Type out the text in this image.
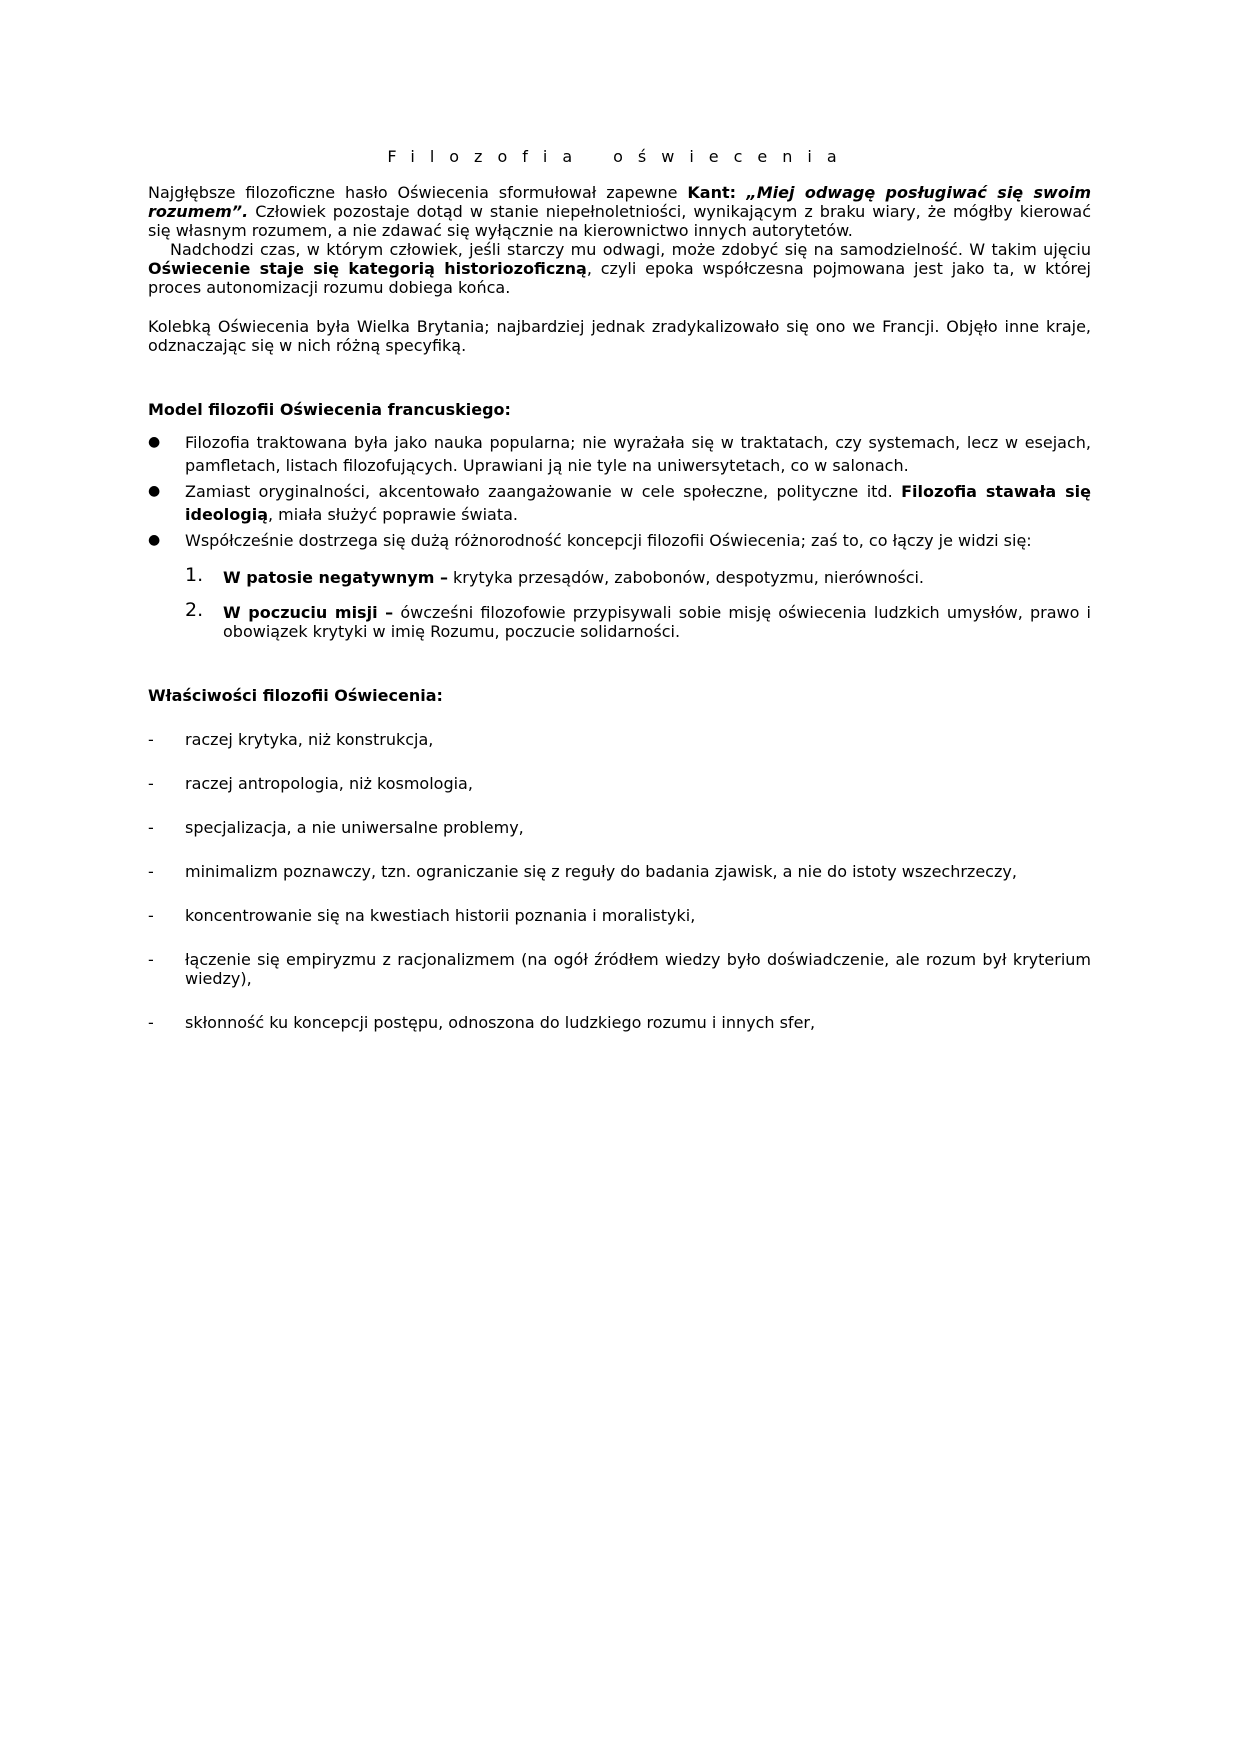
Filozofia oświecenia

Najgłębsze filozoficzne hasło Oświecenia sformułował zapewne Kant: „Miej odwagę posługiwać się swoim rozumem”. Człowiek pozostaje dotąd w stanie niepełnoletniości, wynikającym z braku wiary, że mógłby kierować się własnym rozumem, a nie zdawać się wyłącznie na kierownictwo innych autorytetów.

Nadchodzi czas, w którym człowiek, jeśli starczy mu odwagi, może zdobyć się na samodzielność. W takim ujęciu Oświecenie staje się kategorią historiozoficzną, czyli epoka współczesna pojmowana jest jako ta, w której proces autonomizacji rozumu dobiega końca.

Kolebką Oświecenia była Wielka Brytania; najbardziej jednak zradykalizowało się ono we Francji. Objęło inne kraje, odznaczając się w nich różną specyfiką.

Model filozofii Oświecenia francuskiego:
● Filozofia traktowana była jako nauka popularna; nie wyrażała się w traktatach, czy systemach, lecz w esejach, pamfletach, listach filozofujących. Uprawiani ją nie tyle na uniwersytetach, co w salonach.
● Zamiast oryginalności, akcentowało zaangażowanie w cele społeczne, polityczne itd. Filozofia stawała się ideologią, miała służyć poprawie świata.
● Współcześnie dostrzega się dużą różnorodność koncepcji filozofii Oświecenia; zaś to, co łączy je widzi się:
1. W patosie negatywnym – krytyka przesądów, zabobonów, despotyzmu, nierówności.
2. W poczuciu misji – ówcześni filozofowie przypisywali sobie misję oświecenia ludzkich umysłów, prawo i obowiązek krytyki w imię Rozumu, poczucie solidarności.
Właściwości filozofii Oświecenia:
- raczej krytyka, niż konstrukcja,
- raczej antropologia, niż kosmologia,
- specjalizacja, a nie uniwersalne problemy,
- minimalizm poznawczy, tzn. ograniczanie się z reguły do badania zjawisk, a nie do istoty wszechrzeczy,
- koncentrowanie się na kwestiach historii poznania i moralistyki,
- łączenie się empiryzmu z racjonalizmem (na ogół źródłem wiedzy było doświadczenie, ale rozum był kryterium wiedzy),
- skłonność ku koncepcji postępu, odnoszona do ludzkiego rozumu i innych sfer,
